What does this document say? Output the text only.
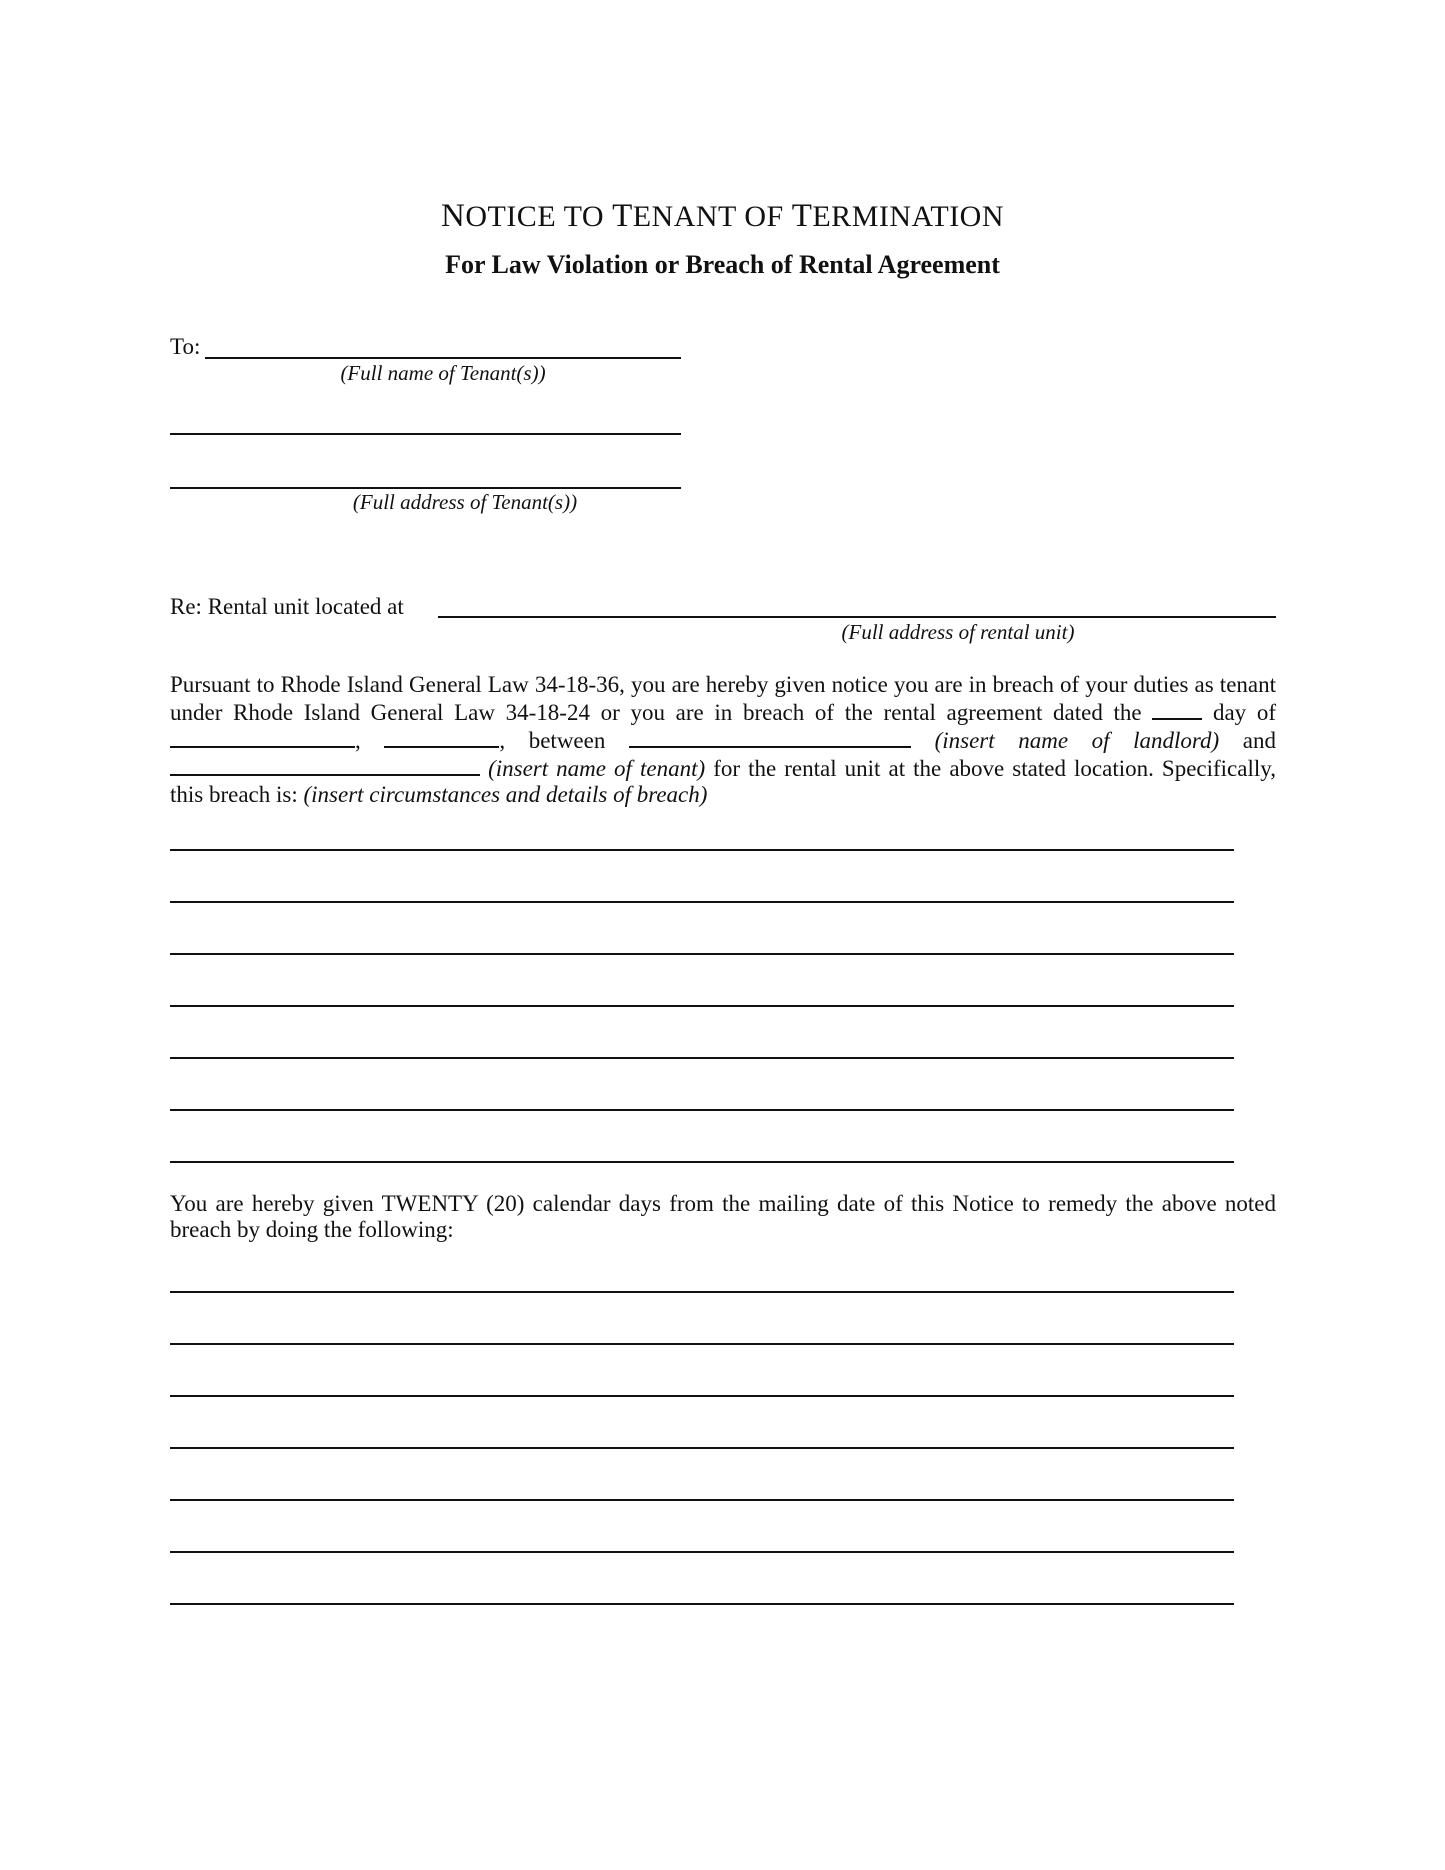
NOTICE TO TENANT OF TERMINATION
For Law Violation or Breach of Rental Agreement
To:
(Full name of Tenant(s))
(Full address of Tenant(s))
Re: Rental unit located at
(Full address of rental unit)
Pursuant to Rhode Island General Law 34-18-36, you are hereby given notice you are in breach of your duties as tenant under Rhode Island General Law 34-18-24 or you are in breach of the rental agreement dated the	day of ,	, between	(insert name of landlord) and  (insert name of tenant) for the rental unit at the above stated location. Specifically, this breach is: (insert circumstances and details of breach)
You are hereby given TWENTY (20) calendar days from the mailing date of this Notice to remedy the above noted breach by doing the following:
